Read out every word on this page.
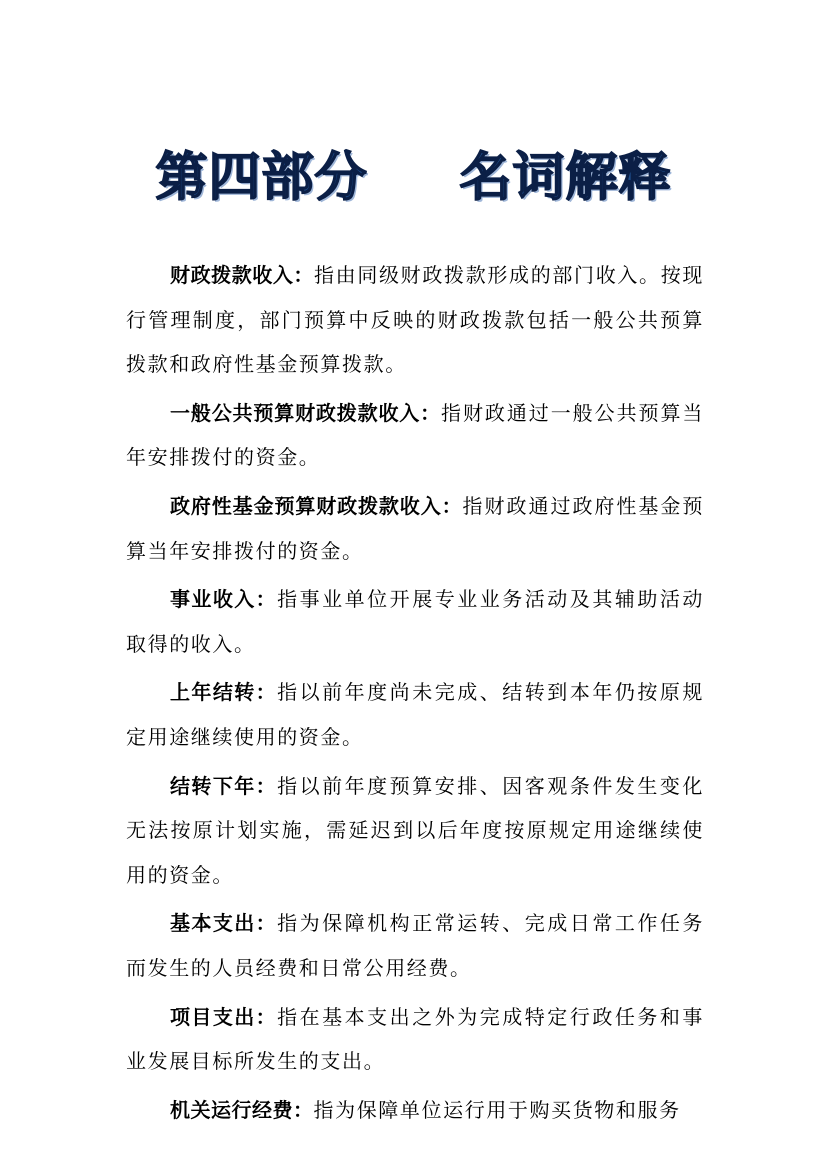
第四部分 名词解释

财政拨款收入：指由同级财政拨款形成的部门收入。按现行管理制度，部门预算中反映的财政拨款包括一般公共预算拨款和政府性基金预算拨款。

一般公共预算财政拨款收入：指财政通过一般公共预算当年安排拨付的资金。

政府性基金预算财政拨款收入：指财政通过政府性基金预算当年安排拨付的资金。

事业收入：指事业单位开展专业业务活动及其辅助活动取得的收入。

上年结转：指以前年度尚未完成、结转到本年仍按原规定用途继续使用的资金。

结转下年：指以前年度预算安排、因客观条件发生变化无法按原计划实施，需延迟到以后年度按原规定用途继续使用的资金。

基本支出：指为保障机构正常运转、完成日常工作任务而发生的人员经费和日常公用经费。

项目支出：指在基本支出之外为完成特定行政任务和事业发展目标所发生的支出。

机关运行经费：指为保障单位运行用于购买货物和服务
